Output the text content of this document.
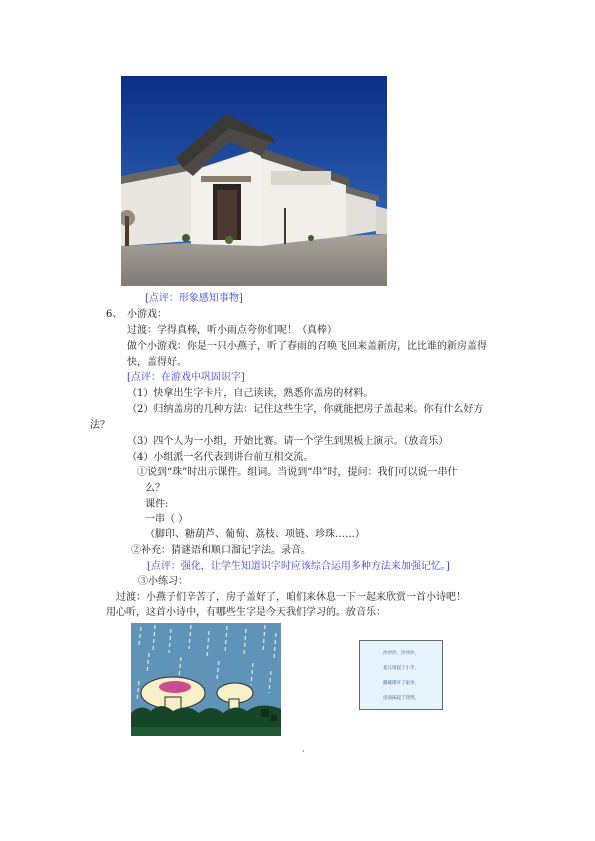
[点评：形象感知事物]
6、 小游戏：
过渡：学得真棒，听小雨点夸你们呢！（真棒）
做个小游戏：你是一只小燕子，听了春雨的召唤飞回来盖新房，比比谁的新房盖得
快，盖得好。
[点评：在游戏中巩固识字]
（1）快拿出生字卡片，自己读读，熟悉你盖房的材料。
（2）归纳盖房的几种方法：记住这些生字，你就能把房子盖起来。你有什么好方
法？
（3）四个人为一小组，开始比赛。请一个学生到黑板上演示。（放音乐）
（4）小组派一名代表到讲台前互相交流。
①说到“珠”时出示课件。组词。当说到“串”时，提问：我们可以说一串什
么？
课件:
一串（ ）
（脚印、糖葫芦、葡萄、荔枝、项链、珍珠……）
②补充：猜谜语和顺口溜记字法。录音。
[点评：强化，让学生知道识字时应该综合运用多种方法来加强记忆。]
③小练习：
过渡：小燕子们辛苦了，房子盖好了，咱们来休息一下一起来欣赏一首小诗吧！
用心听，这首小诗中，有哪些生字是今天我们学习的。放音乐：
沙沙沙，沙沙沙，
花儿用起了小手，
蘑菇撑开了雨伞，
房顶抹起了铃铛。
·
